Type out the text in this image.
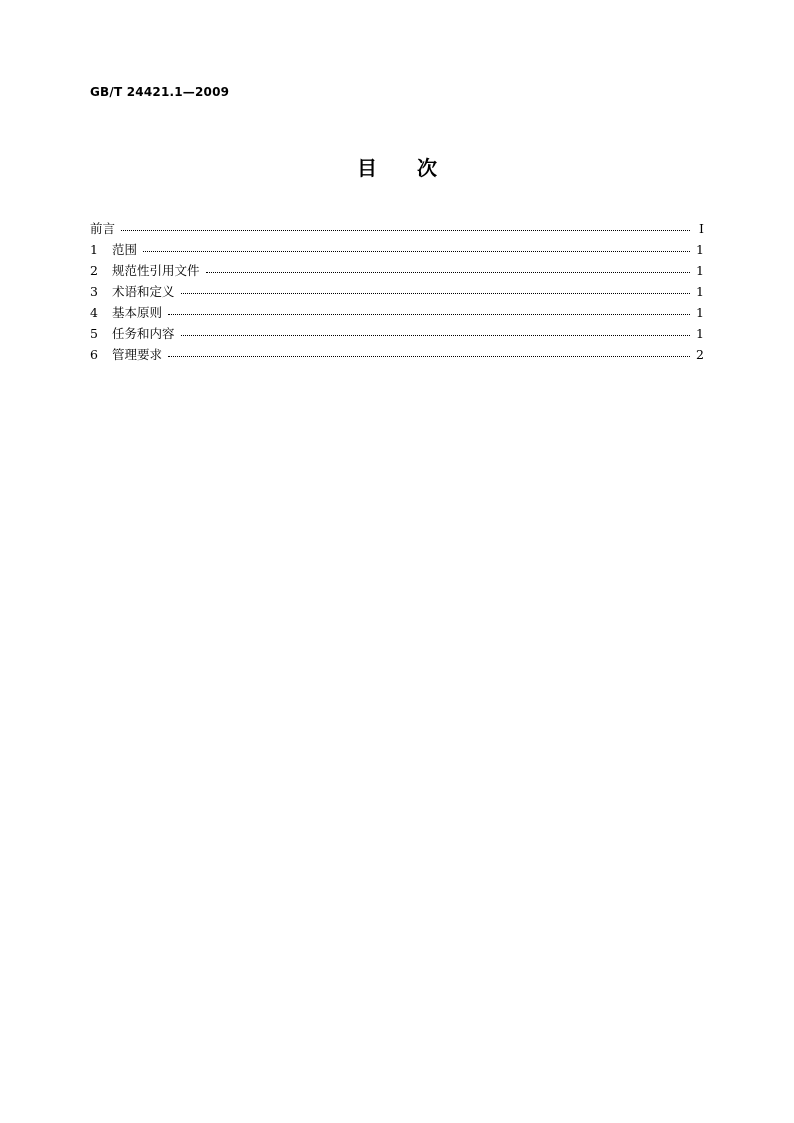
GB/T 24421.1—2009
目 次
前言	Ⅰ
1	范围	1
2	规范性引用文件	1
3	术语和定义	1
4	基本原则	1
5	任务和内容	1
6	管理要求	2
